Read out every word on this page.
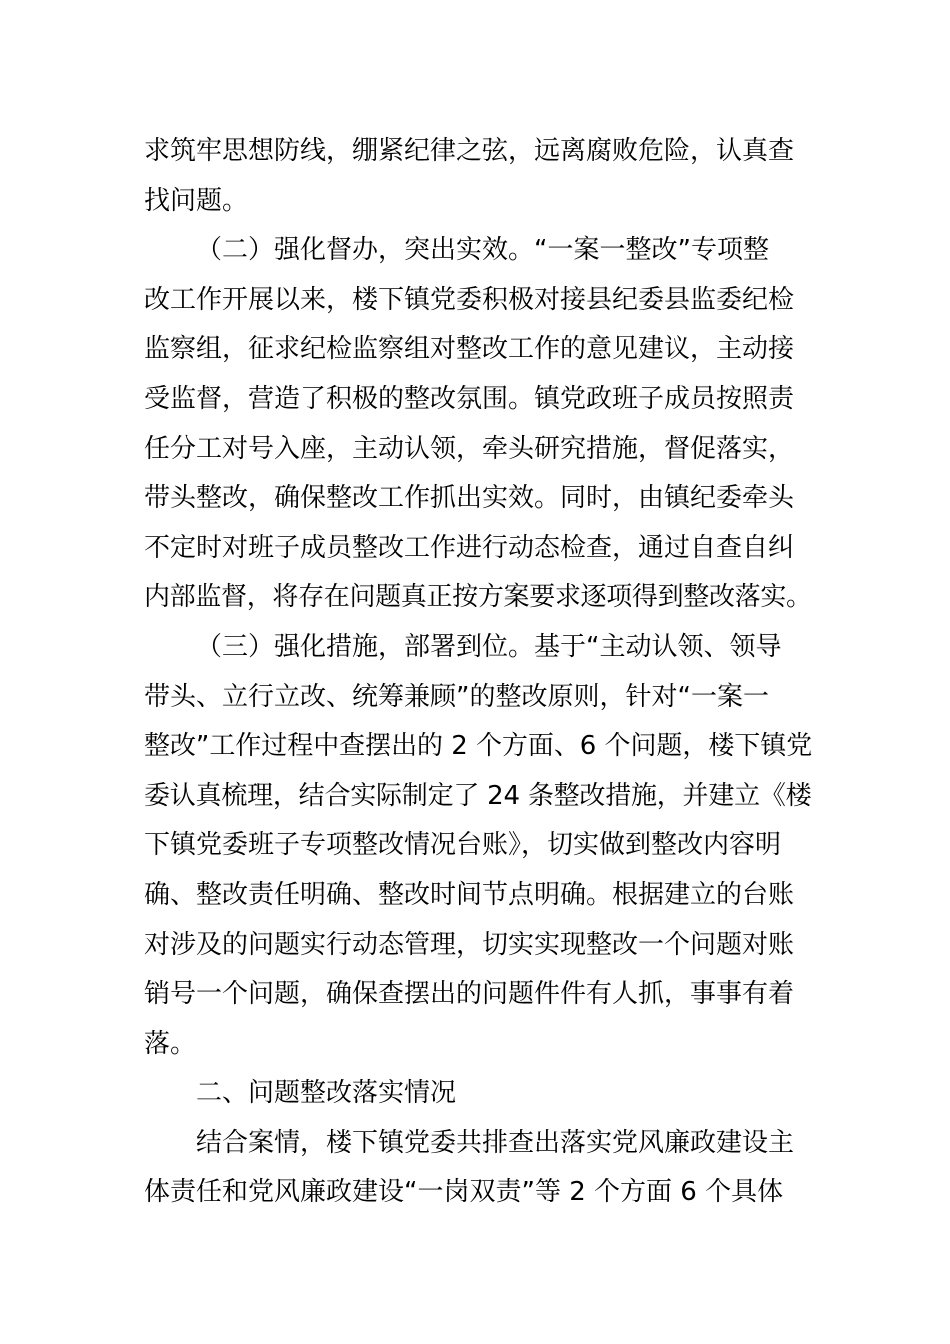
求筑牢思想防线，绷紧纪律之弦，远离腐败危险，认真查
找问题。
（二）强化督办，突出实效。“一案一整改”专项整
改工作开展以来，楼下镇党委积极对接县纪委县监委纪检
监察组，征求纪检监察组对整改工作的意见建议，主动接
受监督，营造了积极的整改氛围。镇党政班子成员按照责
任分工对号入座，主动认领，牵头研究措施，督促落实，
带头整改，确保整改工作抓出实效。同时，由镇纪委牵头
不定时对班子成员整改工作进行动态检查，通过自查自纠
内部监督，将存在问题真正按方案要求逐项得到整改落实。
（三）强化措施，部署到位。基于“主动认领、领导
带头、立行立改、统筹兼顾”的整改原则，针对“一案一
整改”工作过程中查摆出的 2 个方面、6 个问题，楼下镇党
委认真梳理，结合实际制定了 24 条整改措施，并建立《楼
下镇党委班子专项整改情况台账》，切实做到整改内容明
确、整改责任明确、整改时间节点明确。根据建立的台账
对涉及的问题实行动态管理，切实实现整改一个问题对账
销号一个问题，确保查摆出的问题件件有人抓，事事有着
落。
二、问题整改落实情况
结合案情，楼下镇党委共排查出落实党风廉政建设主
体责任和党风廉政建设“一岗双责”等 2 个方面 6 个具体
